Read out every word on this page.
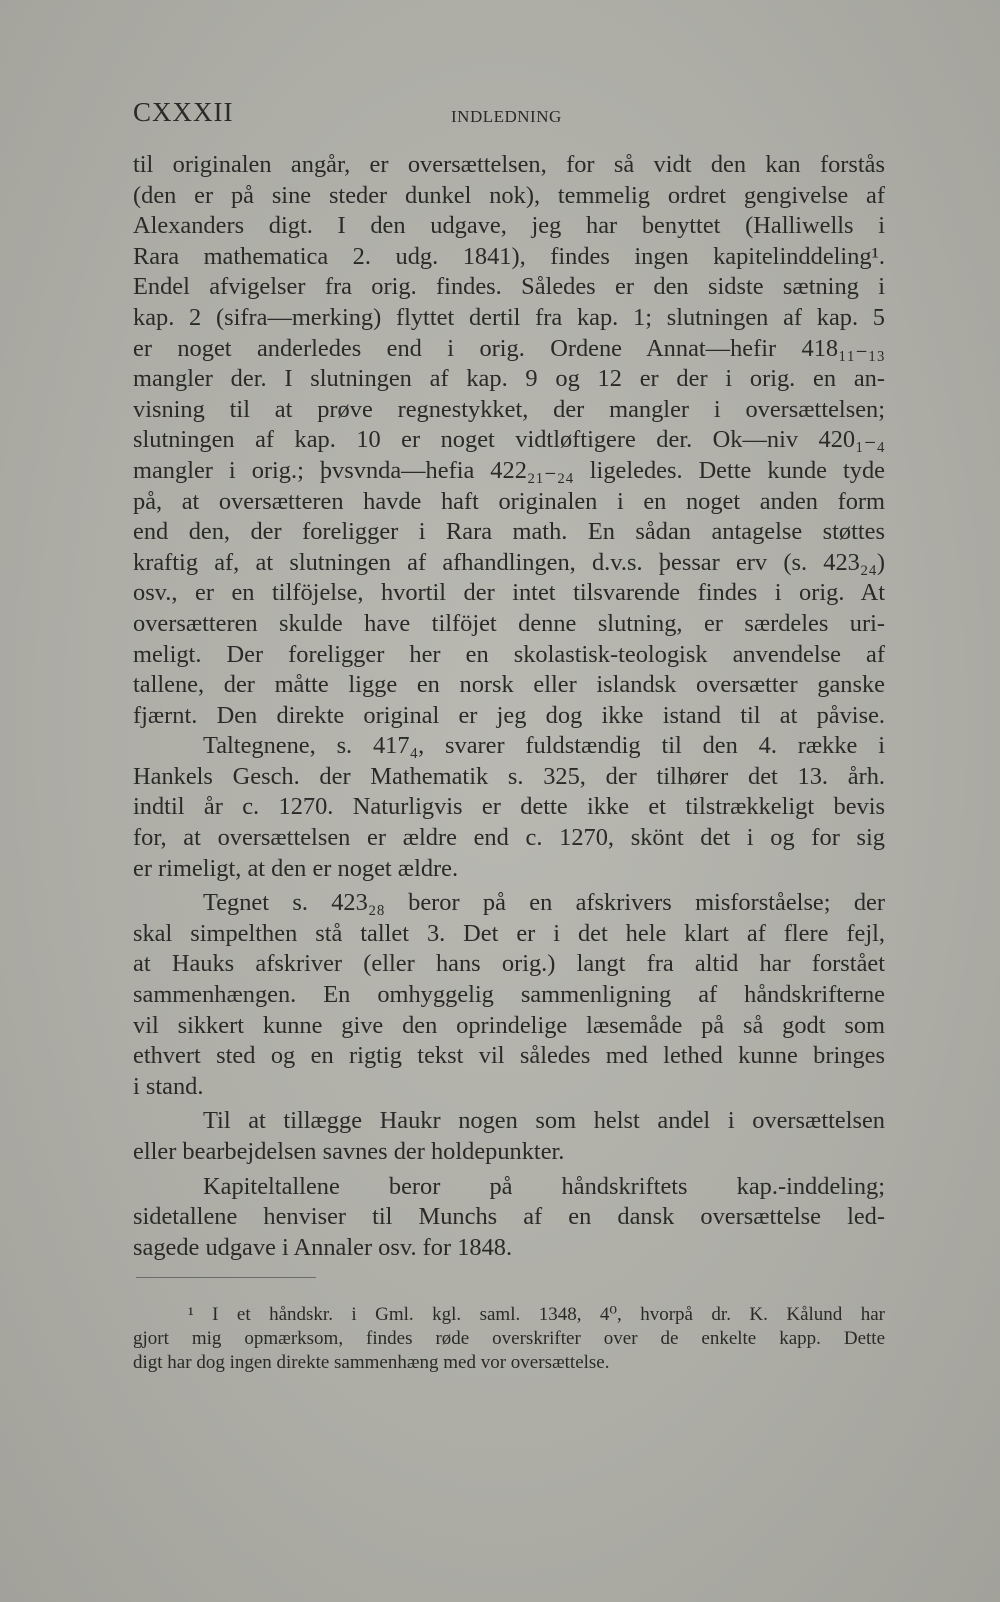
CXXXII	INDLEDNING
til originalen angår, er oversættelsen, for så vidt den kan forstås
(den er på sine steder dunkel nok), temmelig ordret gengivelse af
Alexanders digt. I den udgave, jeg har benyttet (Halliwells i
Rara mathematica 2. udg. 1841), findes ingen kapitelinddeling¹.
Endel afvigelser fra orig. findes. Således er den sidste sætning i
kap. 2 (sifra—merking) flyttet dertil fra kap. 1; slutningen af kap. 5
er noget anderledes end i orig. Ordene Annat—hefir 418₁₁₋₁₃
mangler der. I slutningen af kap. 9 og 12 er der i orig. en an-
visning til at prøve regnestykket, der mangler i oversættelsen;
slutningen af kap. 10 er noget vidtløftigere der. Ok—niv 420₁₋₄
mangler i orig.; þvsvnda—hefia 422₂₁₋₂₄ ligeledes. Dette kunde tyde
på, at oversætteren havde haft originalen i en noget anden form
end den, der foreligger i Rara math. En sådan antagelse støttes
kraftig af, at slutningen af afhandlingen, d.v.s. þessar erv (s. 423₂₄)
osv., er en tilföjelse, hvortil der intet tilsvarende findes i orig. At
oversætteren skulde have tilföjet denne slutning, er særdeles uri-
meligt. Der foreligger her en skolastisk-teologisk anvendelse af
tallene, der måtte ligge en norsk eller islandsk oversætter ganske
fjærnt. Den direkte original er jeg dog ikke istand til at påvise.
Taltegnene, s. 417₄, svarer fuldstændig til den 4. række i
Hankels Gesch. der Mathematik s. 325, der tilhører det 13. årh.
indtil år c. 1270. Naturligvis er dette ikke et tilstrækkeligt bevis
for, at oversættelsen er ældre end c. 1270, skönt det i og for sig
er rimeligt, at den er noget ældre.
Tegnet s. 423₂₈ beror på en afskrivers misforståelse; der
skal simpelthen stå tallet 3. Det er i det hele klart af flere fejl,
at Hauks afskriver (eller hans orig.) langt fra altid har forstået
sammenhængen. En omhyggelig sammenligning af håndskrifterne
vil sikkert kunne give den oprindelige læsemåde på så godt som
ethvert sted og en rigtig tekst vil således med lethed kunne bringes
i stand.
Til at tillægge Haukr nogen som helst andel i oversættelsen
eller bearbejdelsen savnes der holdepunkter.
Kapiteltallene beror på håndskriftets kap.-inddeling;
sidetallene henviser til Munchs af en dansk oversættelse led-
sagede udgave i Annaler osv. for 1848.
¹ I et håndskr. i Gml. kgl. saml. 1348, 4⁰, hvorpå dr. K. Kålund har
gjort mig opmærksom, findes røde overskrifter over de enkelte kapp. Dette
digt har dog ingen direkte sammenhæng med vor oversættelse.
